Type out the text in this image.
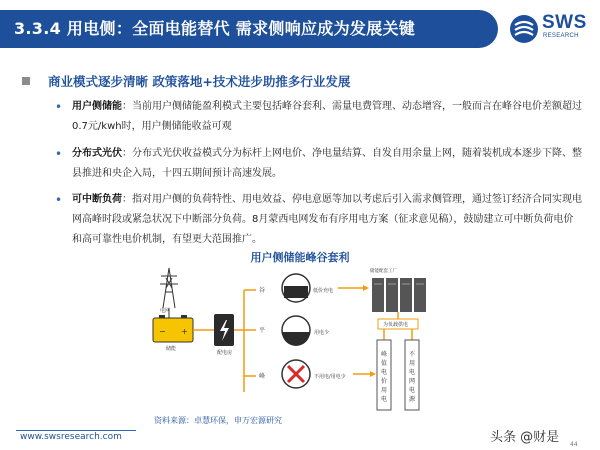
3.3.4 用电侧：全面电能替代 需求侧响应成为发展关键	SWS
RESEARCH
商业模式逐步清晰 政策落地+技术进步助推多行业发展
• 用户侧储能：当前用户侧储能盈利模式主要包括峰谷套利、需量电费管理、动态增容，一般而言在峰谷电价差额超过0.7元/kwh时，用户侧储能收益可观
• 分布式光伏：分布式光伏收益模式分为标杆上网电价、净电量结算、自发自用余量上网，随着装机成本逐步下降、整县推进和央企入局，十四五期间预计高速发展。
• 可中断负荷：指对用户侧的负荷特性、用电效益、停电意愿等加以考虑后引入需求侧管理，通过签订经济合同实现电网高峰时段或紧急状况下中断部分负荷。8月蒙西电网发布有序用电方案（征求意见稿），鼓励建立可中断负荷电价和高可靠性电价机制，有望更大范围推广。
用户侧储能峰谷套利
电网
− +
储能
配电房
谷
平
峰
低价充电
用电少
不用电/用电少
储能配套工厂
为负载供电
峰
值
电
价
用
电
不
用
电
网
电
源
资料来源：卓慧环保，申万宏源研究
www.swsresearch.com	头条 @财是 44
